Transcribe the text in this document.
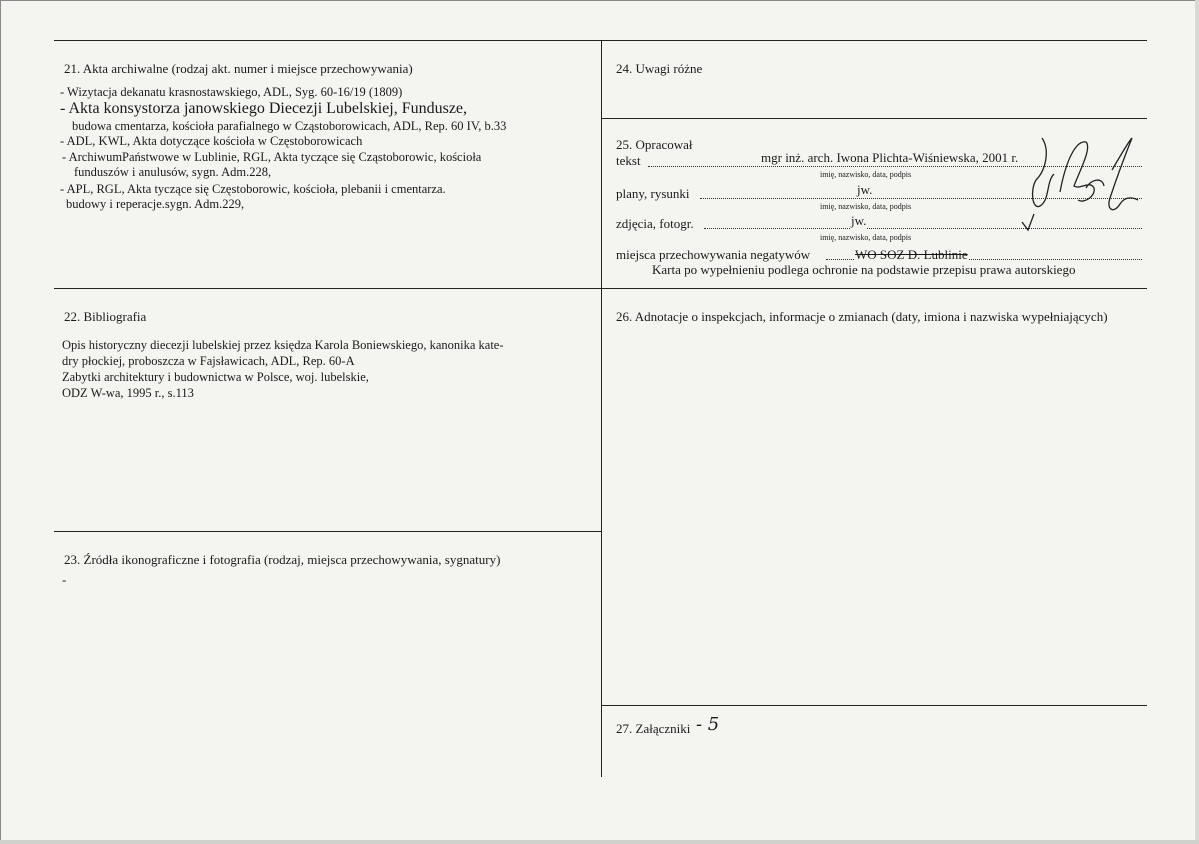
21. Akta archiwalne (rodzaj akt. numer i miejsce przechowywania)
- Wizytacja dekanatu krasnostawskiego, ADL, Syg. 60-16/19 (1809)
- Akta konsystorza janowskiego Diecezji Lubelskiej, Fundusze,
budowa cmentarza, kościoła parafialnego w Cząstoborowicach, ADL, Rep. 60 IV, b.33
- ADL, KWL, Akta dotyczące kościoła w Częstoborowicach
- ArchiwumPaństwowe w Lublinie, RGL, Akta tyczące się Cząstoborowic, kościoła
funduszów i anulusów, sygn. Adm.228,
- APL, RGL, Akta tyczące się Częstoborowic, kościoła, plebanii i cmentarza.
budowy i reperacje.sygn. Adm.229,
22. Bibliografia
Opis historyczny diecezji lubelskiej przez księdza Karola Boniewskiego, kanonika kate-
dry płockiej, proboszcza w Fajsławicach, ADL, Rep. 60-A
Zabytki architektury i budownictwa w Polsce, woj. lubelskie,
ODZ W-wa, 1995 r., s.113
23. Źródła ikonograficzne i fotografia (rodzaj, miejsca przechowywania, sygnatury)
-
24. Uwagi różne
25. Opracował
tekst	mgr inż. arch. Iwona Plichta-Wiśniewska, 2001 r.
imię, nazwisko, data, podpis
plany, rysunki	jw.
imię, nazwisko, data, podpis
zdjęcia, fotogr.	jw.
imię, nazwisko, data, podpis
miejsca przechowywania negatywów	WO SOZ D. Lublinie
Karta po wypełnieniu podlega ochronie na podstawie przepisu prawa autorskiego
26. Adnotacje o inspekcjach, informacje o zmianach (daty, imiona i nazwiska wypełniających)
27. Załączniki - 5
